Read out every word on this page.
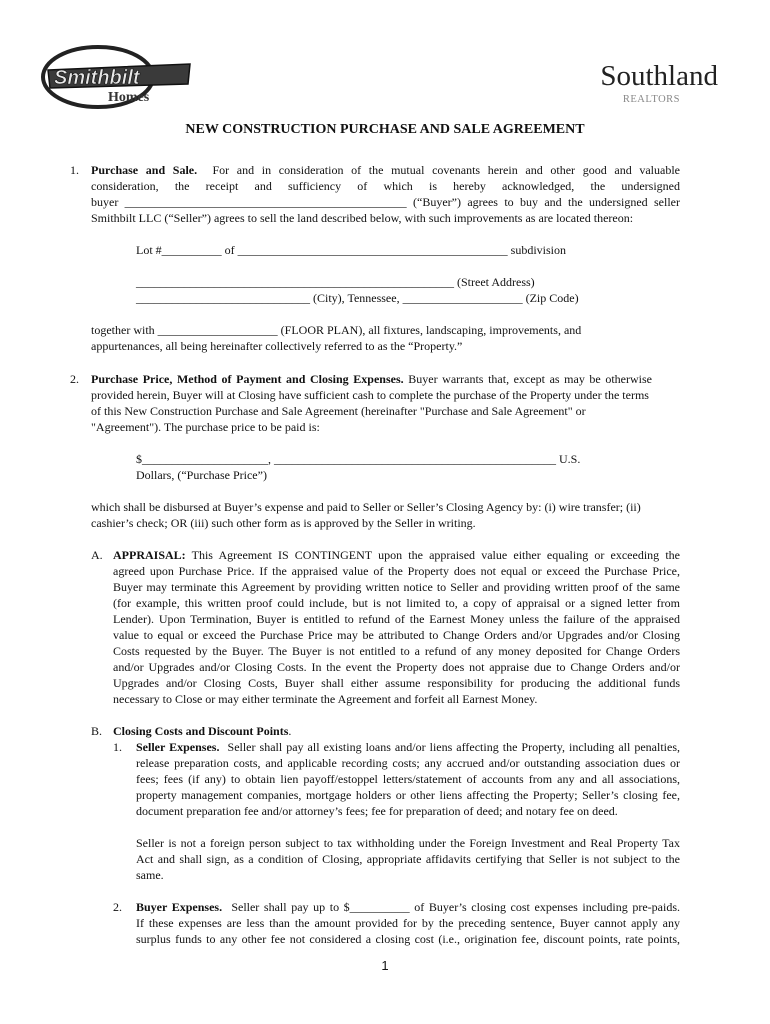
Smithbilt
Homes
Southland
REALTORS
NEW CONSTRUCTION PURCHASE AND SALE AGREEMENT
1. Purchase and Sale. For and in consideration of the mutual covenants herein and other good and valuable
consideration, the receipt and sufficiency of which is hereby acknowledged, the undersigned
buyer _______________________________________________ (“Buyer”) agrees to buy and the undersigned seller
Smithbilt LLC (“Seller”) agrees to sell the land described below, with such improvements as are located thereon:
Lot #__________ of _____________________________________________ subdivision
_____________________________________________________ (Street Address)
_____________________________ (City), Tennessee, ____________________ (Zip Code)
together with ____________________ (FLOOR PLAN), all fixtures, landscaping, improvements, and
appurtenances, all being hereinafter collectively referred to as the “Property.”
2. Purchase Price, Method of Payment and Closing Expenses. Buyer warrants that, except as may be otherwise
provided herein, Buyer will at Closing have sufficient cash to complete the purchase of the Property under the terms
of this New Construction Purchase and Sale Agreement (hereinafter "Purchase and Sale Agreement" or
"Agreement"). The purchase price to be paid is:
$_____________________, _______________________________________________ U.S.
Dollars, (“Purchase Price”)
which shall be disbursed at Buyer’s expense and paid to Seller or Seller’s Closing Agency by: (i) wire transfer; (ii)
cashier’s check; OR (iii) such other form as is approved by the Seller in writing.
A. APPRAISAL: This Agreement IS CONTINGENT upon the appraised value either equaling or exceeding the
agreed upon Purchase Price. If the appraised value of the Property does not equal or exceed the Purchase Price,
Buyer may terminate this Agreement by providing written notice to Seller and providing written proof of the same
(for example, this written proof could include, but is not limited to, a copy of appraisal or a signed letter from
Lender). Upon Termination, Buyer is entitled to refund of the Earnest Money unless the failure of the appraised
value to equal or exceed the Purchase Price may be attributed to Change Orders and/or Upgrades and/or Closing
Costs requested by the Buyer. The Buyer is not entitled to a refund of any money deposited for Change Orders
and/or Upgrades and/or Closing Costs. In the event the Property does not appraise due to Change Orders and/or
Upgrades and/or Closing Costs, Buyer shall either assume responsibility for producing the additional funds
necessary to Close or may either terminate the Agreement and forfeit all Earnest Money.
B. Closing Costs and Discount Points.
1. Seller Expenses. Seller shall pay all existing loans and/or liens affecting the Property, including all penalties,
release preparation costs, and applicable recording costs; any accrued and/or outstanding association dues or
fees; fees (if any) to obtain lien payoff/estoppel letters/statement of accounts from any and all associations,
property management companies, mortgage holders or other liens affecting the Property; Seller’s closing fee,
document preparation fee and/or attorney’s fees; fee for preparation of deed; and notary fee on deed.
Seller is not a foreign person subject to tax withholding under the Foreign Investment and Real Property Tax
Act and shall sign, as a condition of Closing, appropriate affidavits certifying that Seller is not subject to the
same.
2. Buyer Expenses. Seller shall pay up to $__________ of Buyer’s closing cost expenses including pre-paids.
If these expenses are less than the amount provided for by the preceding sentence, Buyer cannot apply any
surplus funds to any other fee not considered a closing cost (i.e., origination fee, discount points, rate points,
1
